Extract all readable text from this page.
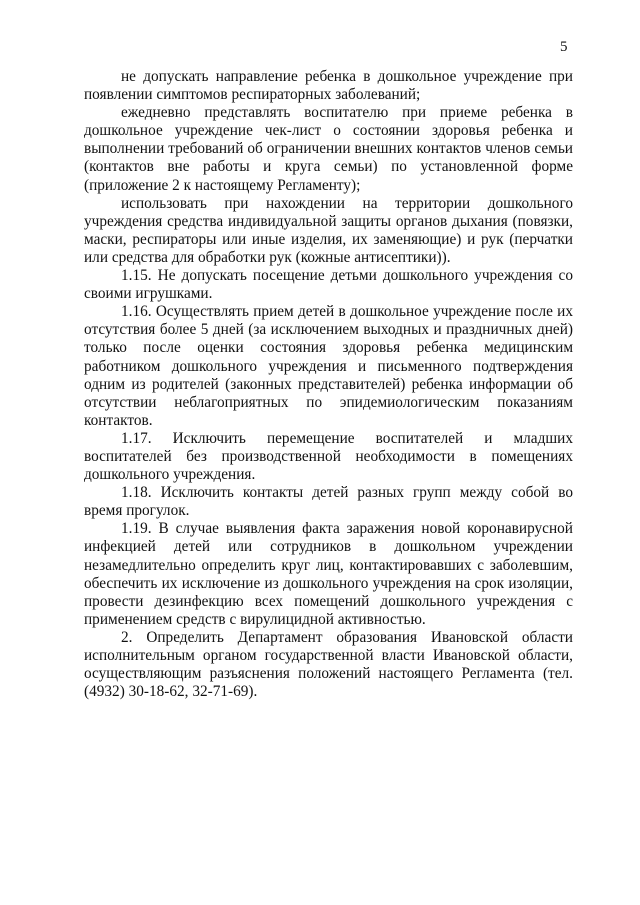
5

не допускать направление ребенка в дошкольное учреждение при появлении симптомов респираторных заболеваний;

ежедневно представлять воспитателю при приеме ребенка в дошкольное учреждение чек-лист о состоянии здоровья ребенка и выполнении требований об ограничении внешних контактов членов семьи (контактов вне работы и круга семьи) по установленной форме (приложение 2 к настоящему Регламенту);

использовать при нахождении на территории дошкольного учреждения средства индивидуальной защиты органов дыхания (повязки, маски, респираторы или иные изделия, их заменяющие) и рук (перчатки или средства для обработки рук (кожные антисептики)).

1.15. Не допускать посещение детьми дошкольного учреждения со своими игрушками.

1.16. Осуществлять прием детей в дошкольное учреждение после их отсутствия более 5 дней (за исключением выходных и праздничных дней) только после оценки состояния здоровья ребенка медицинским работником дошкольного учреждения и письменного подтверждения одним из родителей (законных представителей) ребенка информации об отсутствии неблагоприятных по эпидемиологическим показаниям контактов.

1.17. Исключить перемещение воспитателей и младших воспитателей без производственной необходимости в помещениях дошкольного учреждения.

1.18. Исключить контакты детей разных групп между собой во время прогулок.

1.19. В случае выявления факта заражения новой коронавирусной инфекцией детей или сотрудников в дошкольном учреждении незамедлительно определить круг лиц, контактировавших с заболевшим, обеспечить их исключение из дошкольного учреждения на срок изоляции, провести дезинфекцию всех помещений дошкольного учреждения с применением средств с вирулицидной активностью.

2. Определить Департамент образования Ивановской области исполнительным органом государственной власти Ивановской области, осуществляющим разъяснения положений настоящего Регламента (тел.(4932) 30-18-62, 32-71-69).
